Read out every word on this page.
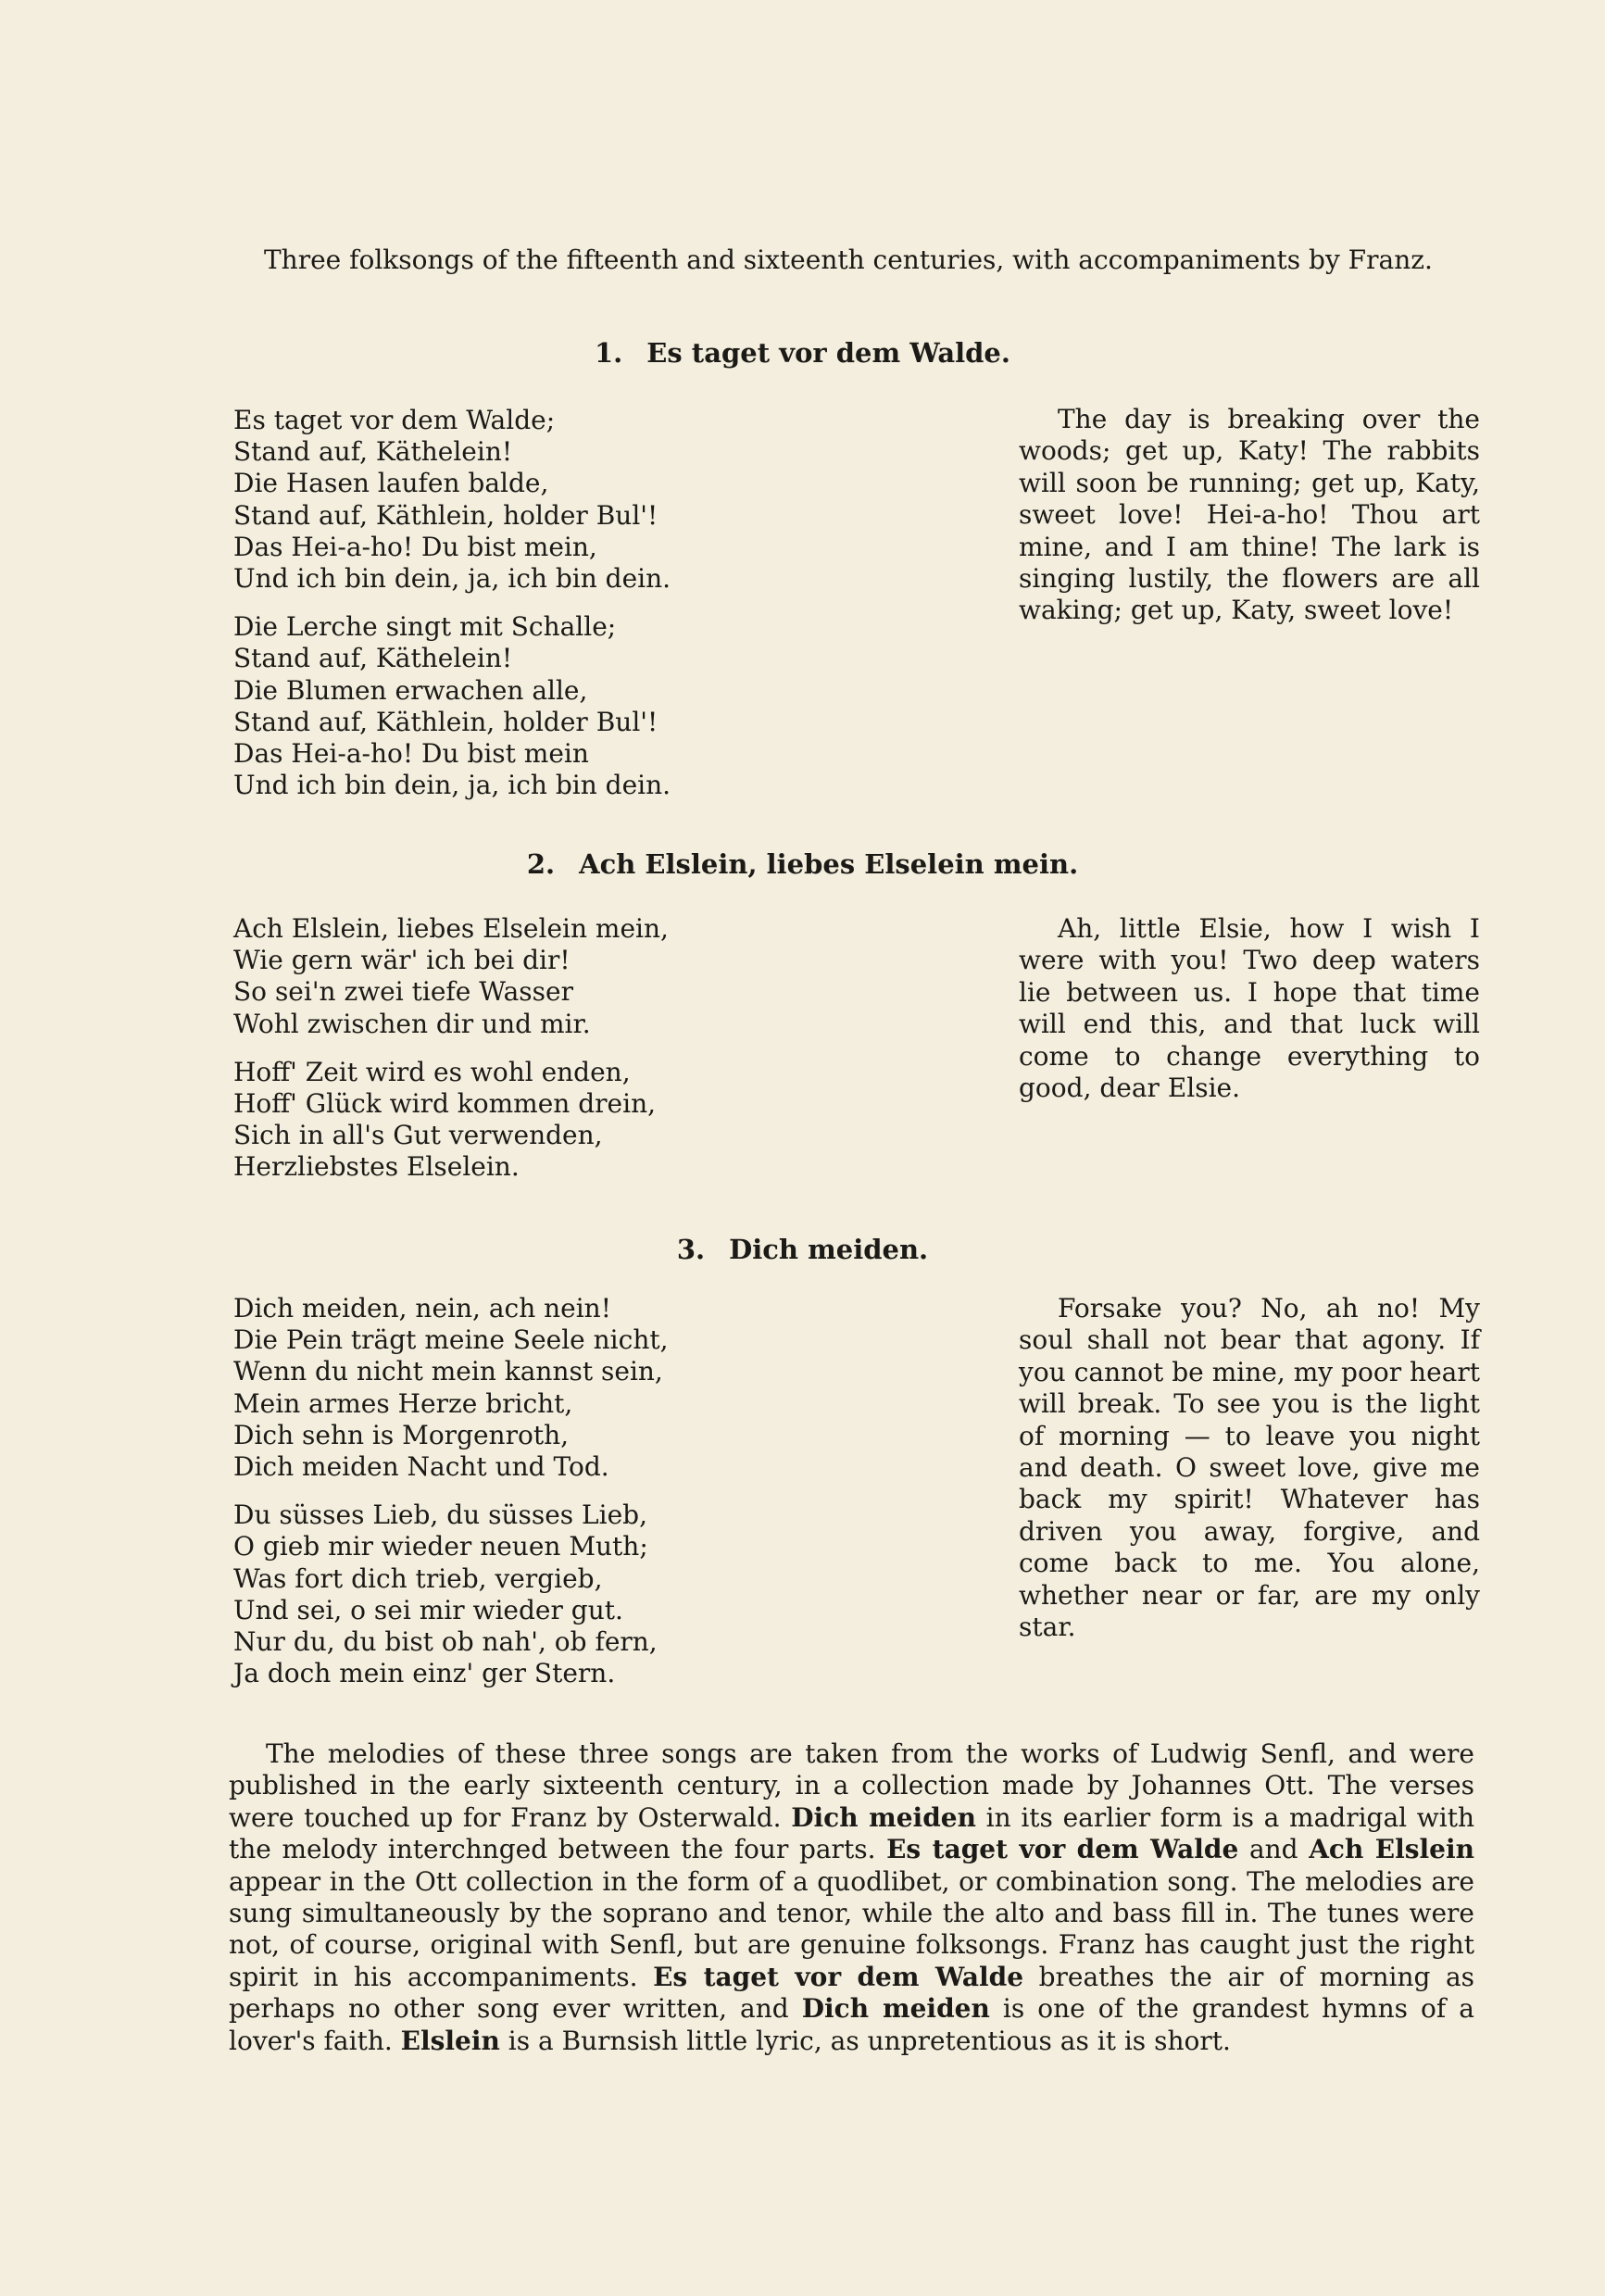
Three folksongs of the fifteenth and sixteenth centuries, with accompaniments by Franz.

1. Es taget vor dem Walde.
Es taget vor dem Walde;
Stand auf, Käthelein!
Die Hasen laufen balde,
Stand auf, Käthlein, holder Bul'!
Das Hei-a-ho! Du bist mein,
Und ich bin dein, ja, ich bin dein.
Die Lerche singt mit Schalle;
Stand auf, Käthelein!
Die Blumen erwachen alle,
Stand auf, Käthlein, holder Bul'!
Das Hei-a-ho! Du bist mein
Und ich bin dein, ja, ich bin dein.

The day is breaking over the woods; get up, Katy! The rabbits will soon be running; get up, Katy, sweet love! Hei-a-ho! Thou art mine, and I am thine! The lark is singing lustily, the flowers are all waking; get up, Katy, sweet love!

2. Ach Elslein, liebes Elselein mein.
Ach Elslein, liebes Elselein mein,
Wie gern wär' ich bei dir!
So sei'n zwei tiefe Wasser
Wohl zwischen dir und mir.
Hoff' Zeit wird es wohl enden,
Hoff' Glück wird kommen drein,
Sich in all's Gut verwenden,
Herzliebstes Elselein.

Ah, little Elsie, how I wish I were with you! Two deep waters lie between us. I hope that time will end this, and that luck will come to change everything to good, dear Elsie.

3. Dich meiden.
Dich meiden, nein, ach nein!
Die Pein trägt meine Seele nicht,
Wenn du nicht mein kannst sein,
Mein armes Herze bricht,
Dich sehn is Morgenroth,
Dich meiden Nacht und Tod.
Du süsses Lieb, du süsses Lieb,
O gieb mir wieder neuen Muth;
Was fort dich trieb, vergieb,
Und sei, o sei mir wieder gut.
Nur du, du bist ob nah', ob fern,
Ja doch mein einz' ger Stern.

Forsake you? No, ah no! My soul shall not bear that agony. If you cannot be mine, my poor heart will break. To see you is the light of morning — to leave you night and death. O sweet love, give me back my spirit! Whatever has driven you away, forgive, and come back to me. You alone, whether near or far, are my only star.

The melodies of these three songs are taken from the works of Ludwig Senfl, and were published in the early sixteenth century, in a collection made by Johannes Ott. The verses were touched up for Franz by Osterwald. Dich meiden in its earlier form is a madrigal with the melody interchnged between the four parts. Es taget vor dem Walde and Ach Elslein appear in the Ott collection in the form of a quodlibet, or combination song. The melodies are sung simultaneously by the soprano and tenor, while the alto and bass fill in. The tunes were not, of course, original with Senfl, but are genuine folksongs. Franz has caught just the right spirit in his accompaniments. Es taget vor dem Walde breathes the air of morning as perhaps no other song ever written, and Dich meiden is one of the grandest hymns of a lover's faith. Elslein is a Burnsish little lyric, as unpretentious as it is short.
